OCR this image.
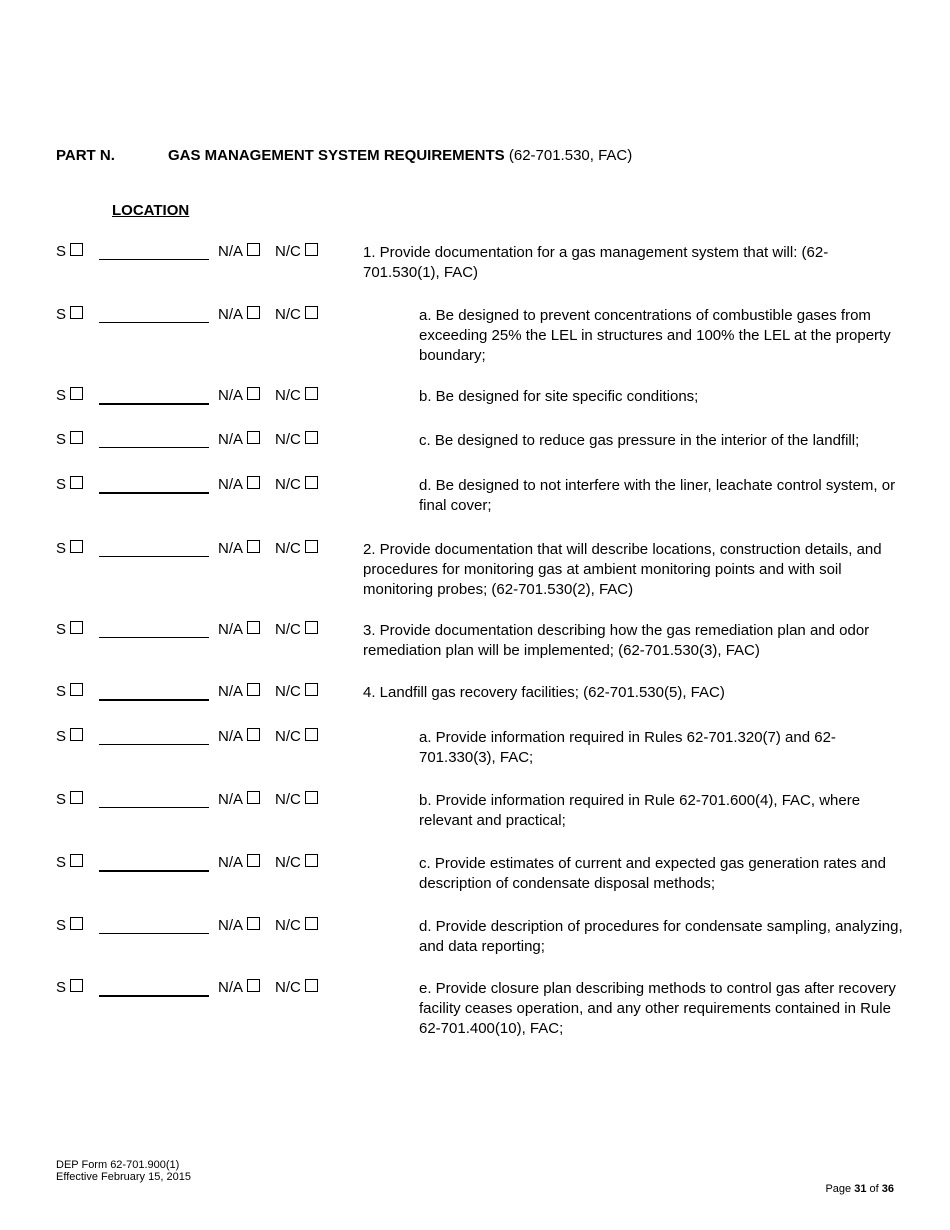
PART N.	GAS MANAGEMENT SYSTEM REQUIREMENTS (62-701.530, FAC)
LOCATION
S	N/A	N/C	1. Provide documentation for a gas management system that will: (62-701.530(1), FAC)
S	N/A	N/C	a. Be designed to prevent concentrations of combustible gases from exceeding 25% the LEL in structures and 100% the LEL at the property boundary;
S	N/A	N/C	b. Be designed for site specific conditions;
S	N/A	N/C	c. Be designed to reduce gas pressure in the interior of the landfill;
S	N/A	N/C	d. Be designed to not interfere with the liner, leachate control system, or final cover;
S	N/A	N/C	2. Provide documentation that will describe locations, construction details, and procedures for monitoring gas at ambient monitoring points and with soil monitoring probes; (62-701.530(2), FAC)
S	N/A	N/C	3. Provide documentation describing how the gas remediation plan and odor remediation plan will be implemented; (62-701.530(3), FAC)
S	N/A	N/C	4. Landfill gas recovery facilities; (62-701.530(5), FAC)
S	N/A	N/C	a. Provide information required in Rules 62-701.320(7) and 62-701.330(3), FAC;
S	N/A	N/C	b. Provide information required in Rule 62-701.600(4), FAC, where relevant and practical;
S	N/A	N/C	c. Provide estimates of current and expected gas generation rates and description of condensate disposal methods;
S	N/A	N/C	d. Provide description of procedures for condensate sampling, analyzing, and data reporting;
S	N/A	N/C	e. Provide closure plan describing methods to control gas after recovery facility ceases operation, and any other requirements contained in Rule 62-701.400(10), FAC;
DEP Form 62-701.900(1)
Effective February 15, 2015
Page 31 of 36
